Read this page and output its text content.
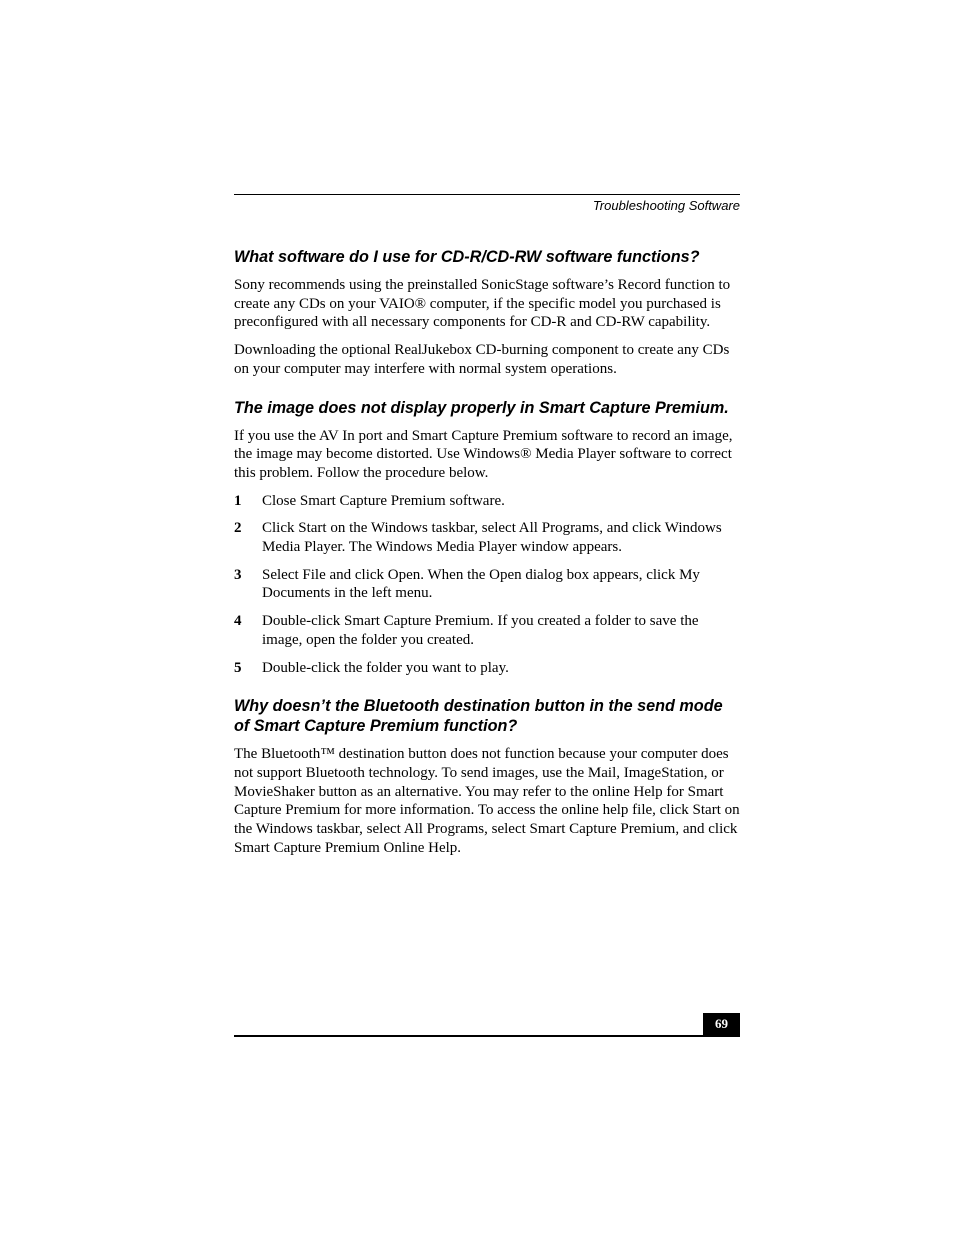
Troubleshooting Software
What software do I use for CD-R/CD-RW software functions?

Sony recommends using the preinstalled SonicStage software’s Record function to create any CDs on your VAIO® computer, if the specific model you purchased is preconfigured with all necessary components for CD-R and CD-RW capability.

Downloading the optional RealJukebox CD-burning component to create any CDs on your computer may interfere with normal system operations.

The image does not display properly in Smart Capture Premium.

If you use the AV In port and Smart Capture Premium software to record an image, the image may become distorted. Use Windows® Media Player software to correct this problem. Follow the procedure below.

1 Close Smart Capture Premium software.
2 Click Start on the Windows taskbar, select All Programs, and click Windows Media Player. The Windows Media Player window appears.
3 Select File and click Open. When the Open dialog box appears, click My Documents in the left menu.
4 Double-click Smart Capture Premium. If you created a folder to save the image, open the folder you created.
5 Double-click the folder you want to play.
Why doesn’t the Bluetooth destination button in the send mode of Smart Capture Premium function?

The Bluetooth™ destination button does not function because your computer does not support Bluetooth technology. To send images, use the Mail, ImageStation, or MovieShaker button as an alternative. You may refer to the online Help for Smart Capture Premium for more information. To access the online help file, click Start on the Windows taskbar, select All Programs, select Smart Capture Premium, and click Smart Capture Premium Online Help.

69
